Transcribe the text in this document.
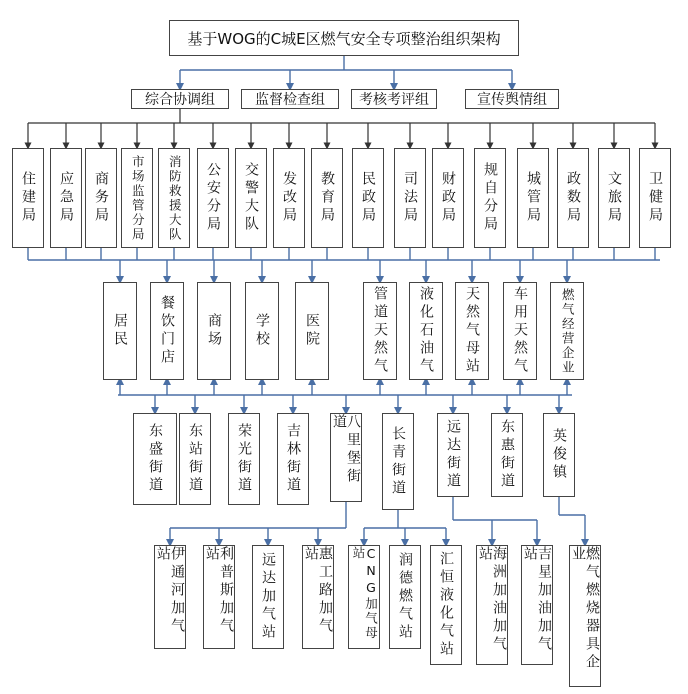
基于WOG的C城E区燃气安全专项整治组织架构
综合协调组	监督检查组 考核考评组	宣传舆情组
住建局 应急局 商务局 市场监管分局 消防救援大队 公安分局 交警大队 发改局 教育局 民政局 司法局 财政局 规自分局 城管局 政数局 文旅局 卫健局
居民 餐饮门店 商场 学校 医院	管道天然气 液化石油气 天然气母站 车用天然气	燃气经营企业
东盛街道 东站街道 荣光街道 吉林街道	八里堡街道
长青街道	远达街道	东惠街道	英俊镇
伊通河加气站	利普斯加气站	远达加气站	惠工路加气站	CNG加气母站	润德燃气站 汇恒液化气站	海洲加油加气站	吉星加油加气站	燃气燃烧器具企业
